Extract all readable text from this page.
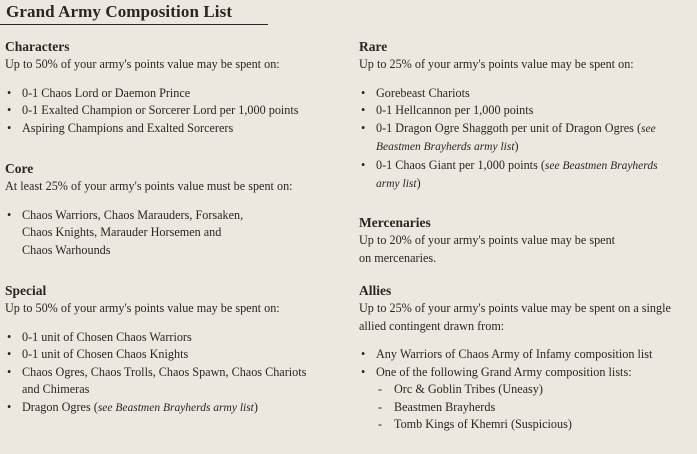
Grand Army Composition List
Characters

Up to 50% of your army's points value may be spent on:

• 0-1 Chaos Lord or Daemon Prince
• 0-1 Exalted Champion or Sorcerer Lord per 1,000 points
• Aspiring Champions and Exalted Sorcerers
Core

At least 25% of your army's points value must be spent on:

• Chaos Warriors, Chaos Marauders, Forsaken,
Chaos Knights, Marauder Horsemen and
Chaos Warhounds
Special

Up to 50% of your army's points value may be spent on:

• 0-1 unit of Chosen Chaos Warriors
• 0-1 unit of Chosen Chaos Knights
• Chaos Ogres, Chaos Trolls, Chaos Spawn, Chaos Chariots
and Chimeras
• Dragon Ogres (see Beastmen Brayherds army list)
Rare

Up to 25% of your army's points value may be spent on:

• Gorebeast Chariots
• 0-1 Hellcannon per 1,000 points
• 0-1 Dragon Ogre Shaggoth per unit of Dragon Ogres (see
Beastmen Brayherds army list)
• 0-1 Chaos Giant per 1,000 points (see Beastmen Brayherds
army list)
Mercenaries

Up to 20% of your army's points value may be spent
on mercenaries.

Allies

Up to 25% of your army's points value may be spent on a single
allied contingent drawn from:

• Any Warriors of Chaos Army of Infamy composition list
• One of the following Grand Army composition lists:
- Orc & Goblin Tribes (Uneasy)
- Beastmen Brayherds
- Tomb Kings of Khemri (Suspicious)
